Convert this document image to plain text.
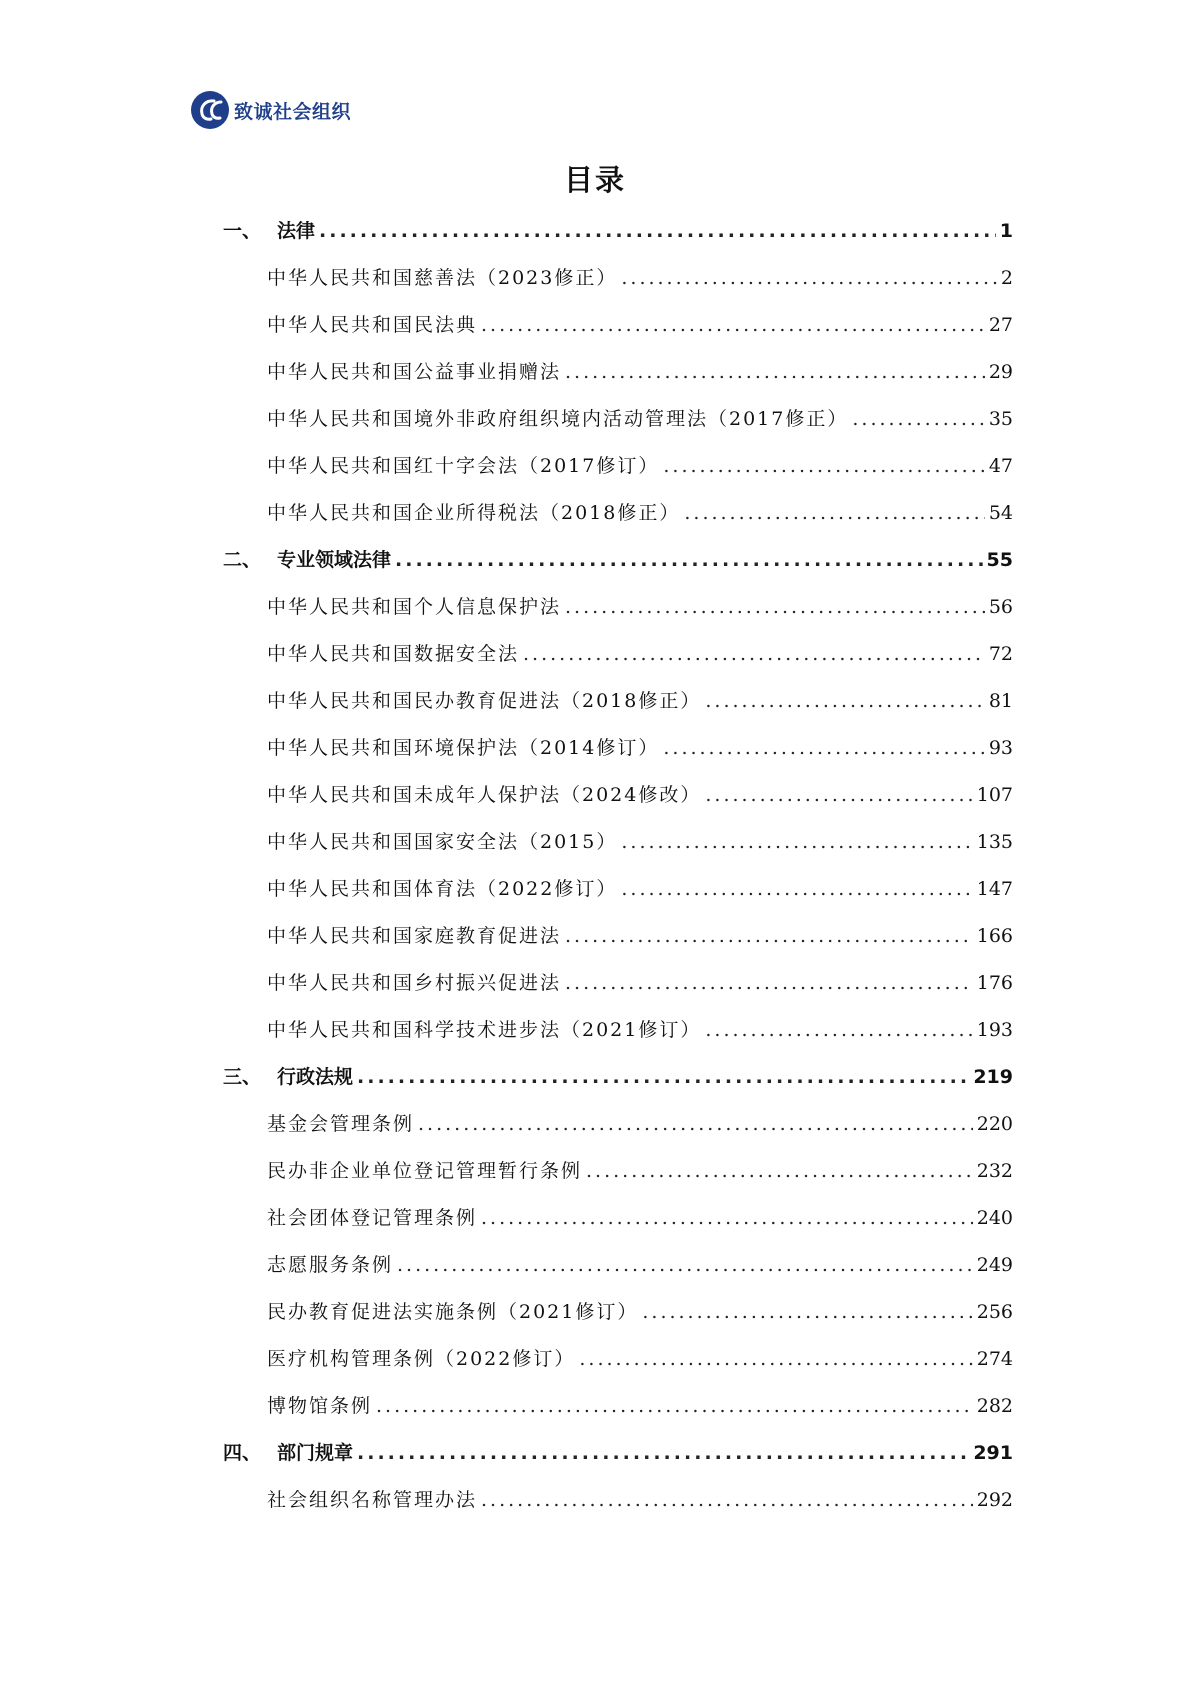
致诚社会组织
目录
一、 法律 .....	1
中华人民共和国慈善法（2023修正） .....	2
中华人民共和国民法典 .....	27
中华人民共和国公益事业捐赠法 .....	29
中华人民共和国境外非政府组织境内活动管理法（2017修正） .....	35
中华人民共和国红十字会法（2017修订） .....	47
中华人民共和国企业所得税法（2018修正） .....	54
二、 专业领域法律 .....	55
中华人民共和国个人信息保护法 .....	56
中华人民共和国数据安全法 .....	72
中华人民共和国民办教育促进法（2018修正） .....	81
中华人民共和国环境保护法（2014修订） .....	93
中华人民共和国未成年人保护法（2024修改） .....	107
中华人民共和国国家安全法（2015） .....	135
中华人民共和国体育法（2022修订） .....	147
中华人民共和国家庭教育促进法 .....	166
中华人民共和国乡村振兴促进法 .....	176
中华人民共和国科学技术进步法（2021修订） .....	193
三、 行政法规 .....	219
基金会管理条例 .....	220
民办非企业单位登记管理暂行条例 .....	232
社会团体登记管理条例 .....	240
志愿服务条例 .....	249
民办教育促进法实施条例（2021修订） .....	256
医疗机构管理条例（2022修订） .....	274
博物馆条例 .....	282
四、 部门规章 .....	291
社会组织名称管理办法 .....	292
